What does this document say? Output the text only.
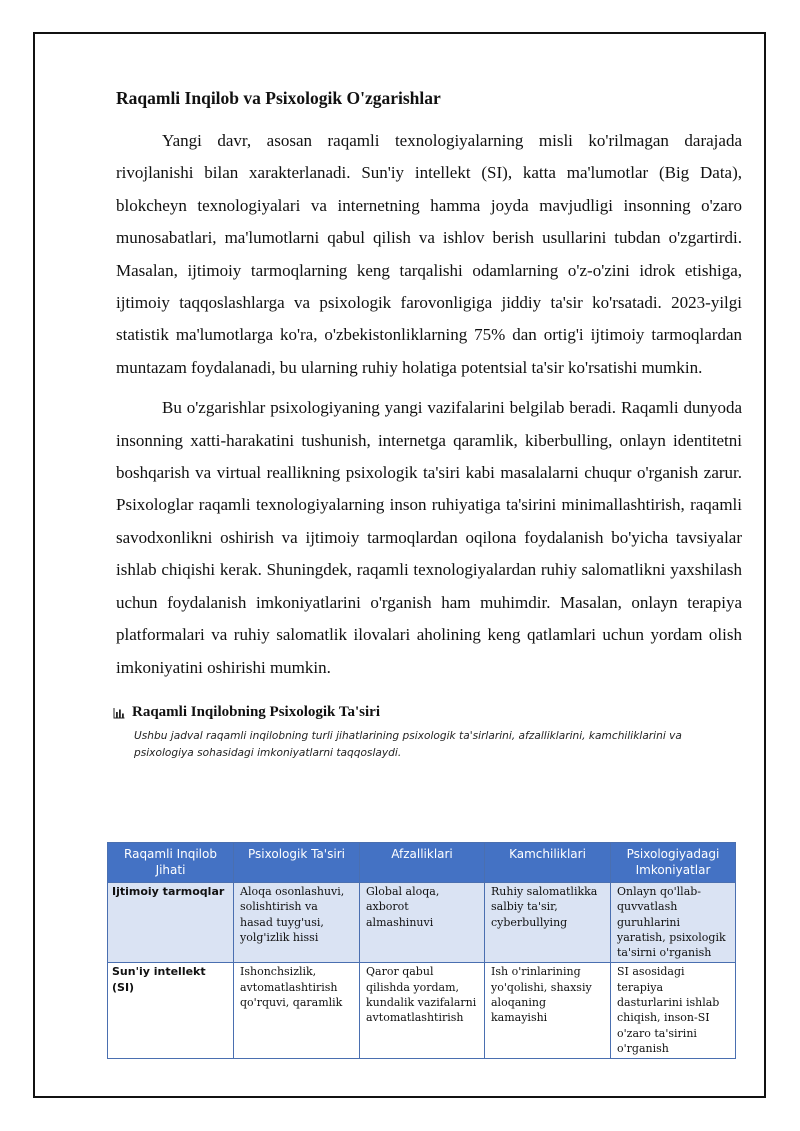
Raqamli Inqilob va Psixologik O'zgarishlar

Yangi davr, asosan raqamli texnologiyalarning misli ko'rilmagan darajada rivojlanishi bilan xarakterlanadi. Sun'iy intellekt (SI), katta ma'lumotlar (Big Data), blokcheyn texnologiyalari va internetning hamma joyda mavjudligi insonning o'zaro munosabatlari, ma'lumotlarni qabul qilish va ishlov berish usullarini tubdan o'zgartirdi. Masalan, ijtimoiy tarmoqlarning keng tarqalishi odamlarning o'z-o'zini idrok etishiga, ijtimoiy taqqoslashlarga va psixologik farovonligiga jiddiy ta'sir ko'rsatadi. 2023-yilgi statistik ma'lumotlarga ko'ra, o'zbekistonliklarning 75% dan ortig'i ijtimoiy tarmoqlardan muntazam foydalanadi, bu ularning ruhiy holatiga potentsial ta'sir ko'rsatishi mumkin.

Bu o'zgarishlar psixologiyaning yangi vazifalarini belgilab beradi. Raqamli dunyoda insonning xatti-harakatini tushunish, internetga qaramlik, kiberbulling, onlayn identitetni boshqarish va virtual reallikning psixologik ta'siri kabi masalalarni chuqur o'rganish zarur. Psixologlar raqamli texnologiyalarning inson ruhiyatiga ta'sirini minimallashtirish, raqamli savodxonlikni oshirish va ijtimoiy tarmoqlardan oqilona foydalanish bo'yicha tavsiyalar ishlab chiqishi kerak. Shuningdek, raqamli texnologiyalardan ruhiy salomatlikni yaxshilash uchun foydalanish imkoniyatlarini o'rganish ham muhimdir. Masalan, onlayn terapiya platformalari va ruhiy salomatlik ilovalari aholining keng qatlamlari uchun yordam olish imkoniyatini oshirishi mumkin.

Raqamli Inqilobning Psixologik Ta'siri
Ushbu jadval raqamli inqilobning turli jihatlarining psixologik ta'sirlarini, afzalliklarini, kamchiliklarini va psixologiya sohasidagi imkoniyatlarni taqqoslaydi.
Raqamli Inqilob Jihati	Psixologik Ta'siri	Afzalliklari	Kamchiliklari	Psixologiyadagi Imkoniyatlar
Ijtimoiy tarmoqlar	Aloqa osonlashuvi, solishtirish va hasad tuyg'usi, yolg'izlik hissi	Global aloqa, axborot almashinuvi	Ruhiy salomatlikka salbiy ta'sir, cyberbullying	Onlayn qo'llab-quvvatlash guruhlarini yaratish, psixologik ta'sirni o'rganish
Sun'iy intellekt (SI)	Ishonchsizlik, avtomatlashtirish qo'rquvi, qaramlik	Qaror qabul qilishda yordam, kundalik vazifalarni avtomatlashtirish	Ish o'rinlarining yo'qolishi, shaxsiy aloqaning kamayishi	SI asosidagi terapiya dasturlarini ishlab chiqish, inson-SI o'zaro ta'sirini o'rganish
